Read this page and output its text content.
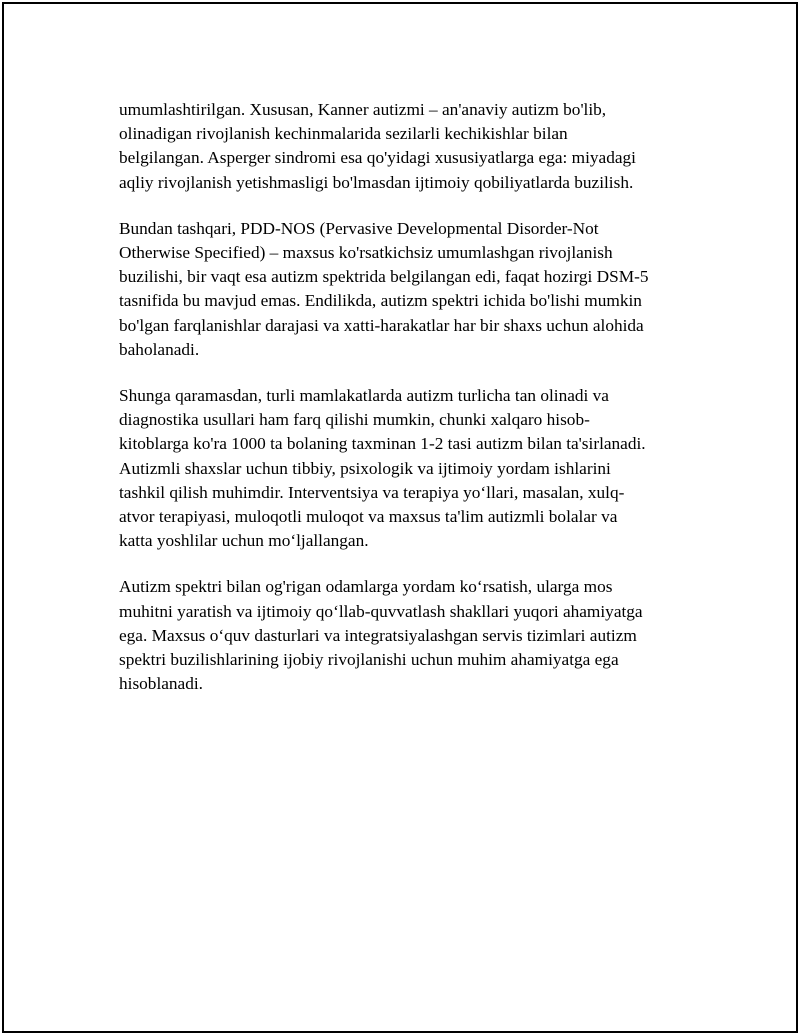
umumlashtirilgan. Xususan, Kanner autizmi – an'anaviy autizm bo'lib,
olinadigan rivojlanish kechinmalarida sezilarli kechikishlar bilan
belgilangan. Asperger sindromi esa qo'yidagi xususiyatlarga ega: miyadagi
aqliy rivojlanish yetishmasligi bo'lmasdan ijtimoiy qobiliyatlarda buzilish.

Bundan tashqari, PDD-NOS (Pervasive Developmental Disorder-Not
Otherwise Specified) – maxsus ko'rsatkichsiz umumlashgan rivojlanish
buzilishi, bir vaqt esa autizm spektrida belgilangan edi, faqat hozirgi DSM-5
tasnifida bu mavjud emas. Endilikda, autizm spektri ichida bo'lishi mumkin
bo'lgan farqlanishlar darajasi va xatti-harakatlar har bir shaxs uchun alohida
baholanadi.

Shunga qaramasdan, turli mamlakatlarda autizm turlicha tan olinadi va
diagnostika usullari ham farq qilishi mumkin, chunki xalqaro hisob-
kitoblarga ko'ra 1000 ta bolaning taxminan 1-2 tasi autizm bilan ta'sirlanadi.
Autizmli shaxslar uchun tibbiy, psixologik va ijtimoiy yordam ishlarini
tashkil qilish muhimdir. Interventsiya va terapiya yoʻllari, masalan, xulq-
atvor terapiyasi, muloqotli muloqot va maxsus ta'lim autizmli bolalar va
katta yoshlilar uchun moʻljallangan.

Autizm spektri bilan og'rigan odamlarga yordam koʻrsatish, ularga mos
muhitni yaratish va ijtimoiy qoʻllab-quvvatlash shakllari yuqori ahamiyatga
ega. Maxsus oʻquv dasturlari va integratsiyalashgan servis tizimlari autizm
spektri buzilishlarining ijobiy rivojlanishi uchun muhim ahamiyatga ega
hisoblanadi.
